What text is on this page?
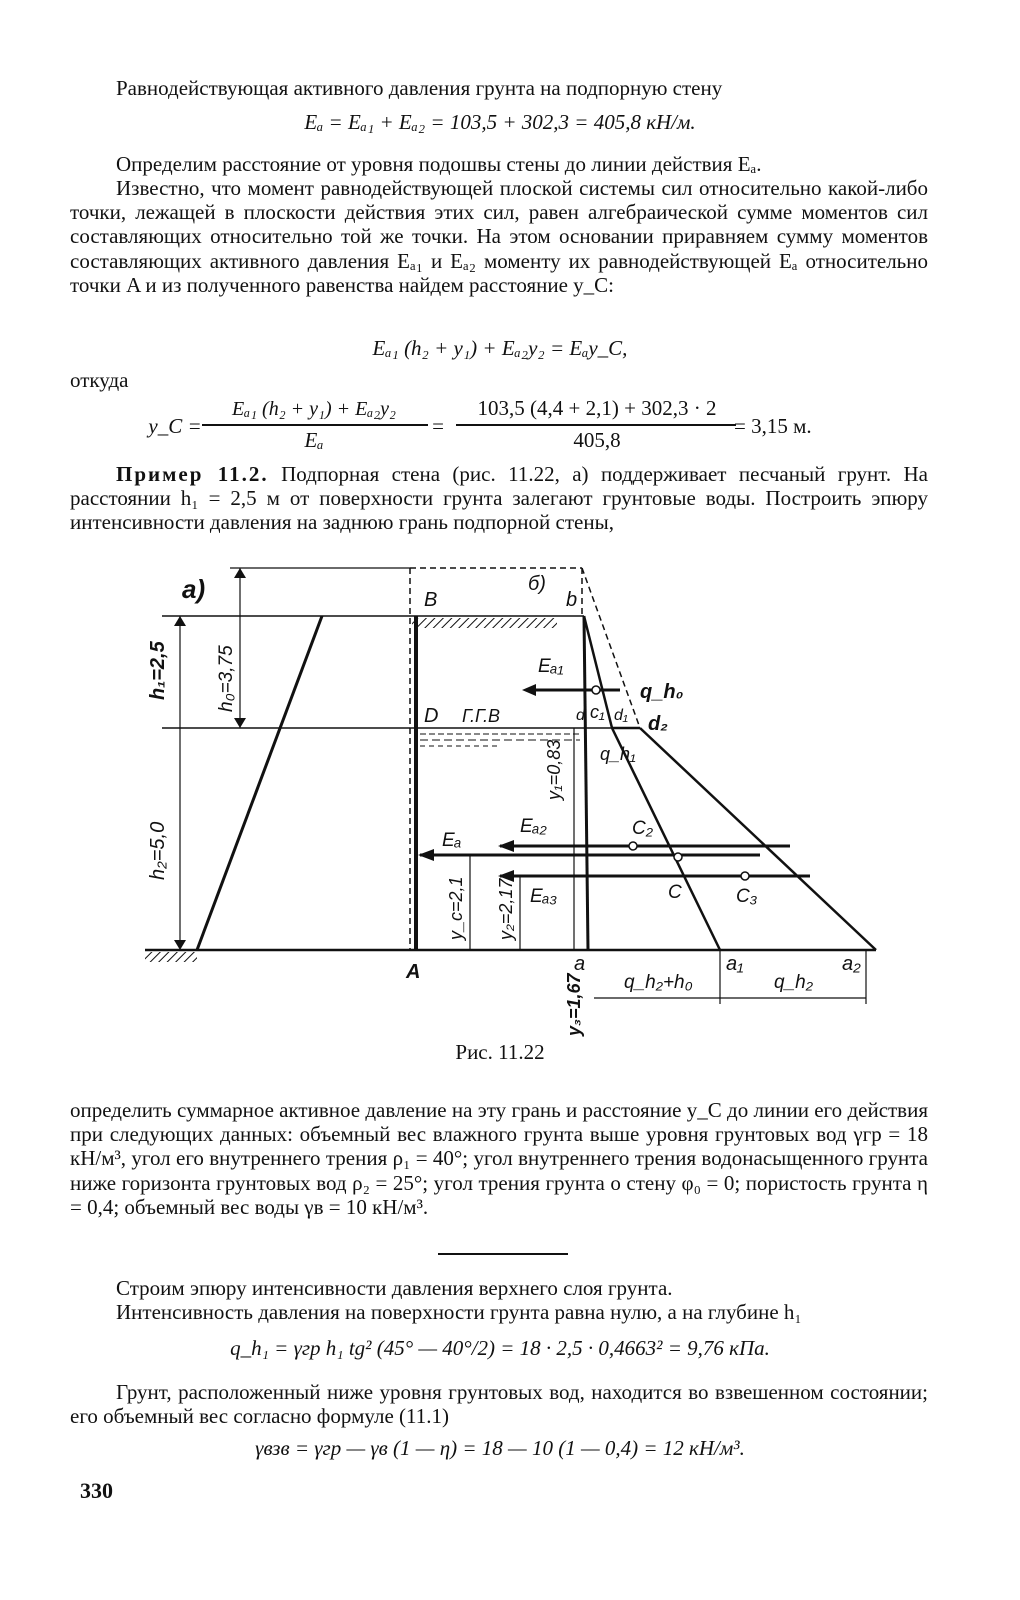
Равнодействующая активного давления грунта на подпорную стену
Eₐ = Eₐ₁ + Eₐ₂ = 103,5 + 302,3 = 405,8 кН/м.
Определим расстояние от уровня подошвы стены до линии действия Eₐ.
Известно, что момент равнодействующей плоской системы сил относительно какой-либо точки, лежащей в плоскости действия этих сил, равен алгебраической сумме моментов сил составляющих относительно той же точки. На этом основании приравняем сумму моментов составляющих активного давления Eₐ₁ и Eₐ₂ моменту их равнодействующей Eₐ относительно точки A и из полученного равенства найдем расстояние y_C:
Eₐ₁ (h₂ + y₁) + Eₐ₂y₂ = Eₐy_C,
откуда
y_C =
Eₐ₁ (h₂ + y₁) + Eₐ₂y₂
Eₐ
=
103,5 (4,4 + 2,1) + 302,3 · 2
405,8
= 3,15 м.
Пример 11.2. Подпорная стена (рис. 11.22, а) поддерживает песчаный грунт. На расстоянии h₁ = 2,5 м от поверхности грунта залегают грунтовые воды. Построить эпюру интенсивности давления на заднюю грань подпорной стены,
а)	б)
B	b
D Г.Г.В
A	a	a₁	a₂
h₁=2,5 h₀=3,75
h₂=5,0
y₁=0,83
y_c=2,1 y₂=2,17
y₃=1,67
Eₐ₁
Eₐ
Eₐ₂
Eₐ₃
c₁
d d₁ d₂
q_h₀
q_h₁
C₂
C	C₃
q_h₂+h₀	q_h₂
Рис. 11.22
определить суммарное активное давление на эту грань и расстояние y_C до линии его действия при следующих данных: объемный вес влажного грунта выше уровня грунтовых вод γгр = 18 кН/м³, угол его внутреннего трения ρ₁ = 40°; угол внутреннего трения водонасыщенного грунта ниже горизонта грунтовых вод ρ₂ = 25°; угол трения грунта о стену φ₀ = 0; пористость грунта η = 0,4; объемный вес воды γв = 10 кН/м³.
Строим эпюру интенсивности давления верхнего слоя грунта.
Интенсивность давления на поверхности грунта равна нулю, а на глубине h₁
q_h₁ = γгр h₁ tg² (45° — 40°/2) = 18 · 2,5 · 0,4663² = 9,76 кПа.
Грунт, расположенный ниже уровня грунтовых вод, находится во взвешенном состоянии; его объемный вес согласно формуле (11.1)
γвзв = γгр — γв (1 — η) = 18 — 10 (1 — 0,4) = 12 кН/м³.
330
